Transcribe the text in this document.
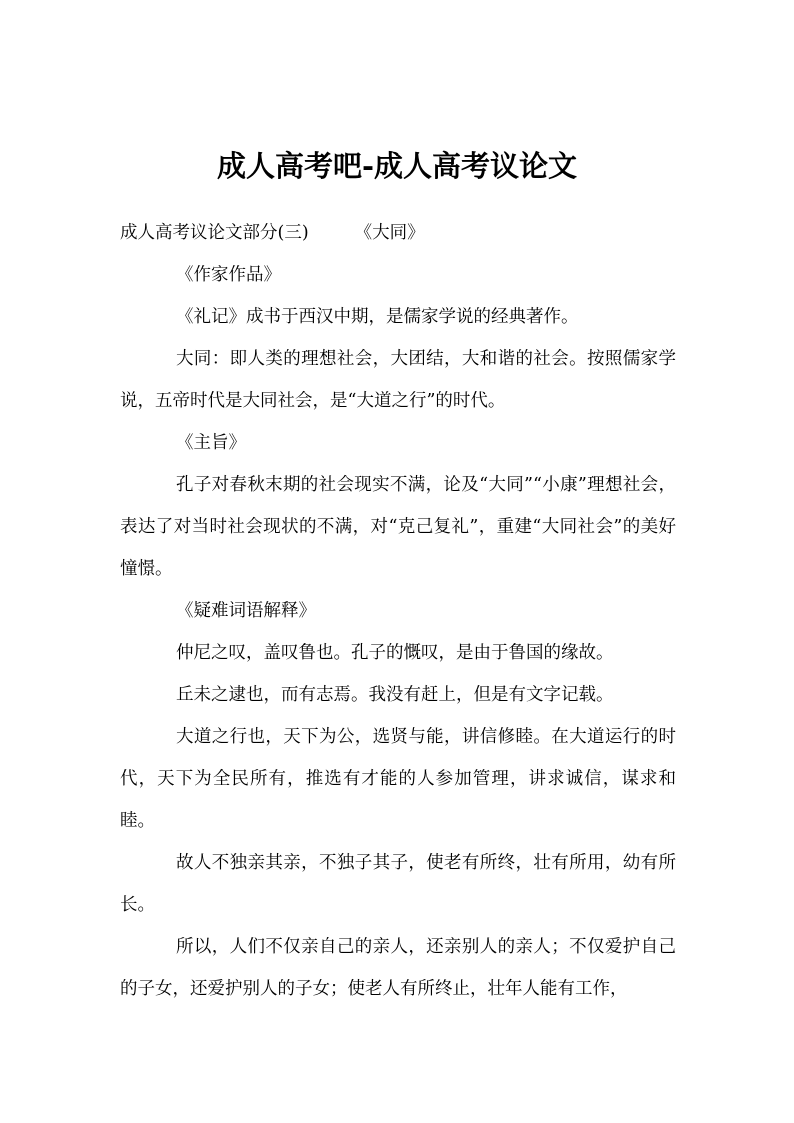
成人高考吧-成人高考议论文

成人高考议论文部分(三)	《大同》

《作家作品》

《礼记》成书于西汉中期，是儒家学说的经典著作。

大同：即人类的理想社会，大团结，大和谐的社会。按照儒家学说，五帝时代是大同社会，是“大道之行”的时代。

《主旨》

孔子对春秋末期的社会现实不满，论及“大同”“小康”理想社会，表达了对当时社会现状的不满，对“克己复礼”，重建“大同社会”的美好憧憬。

《疑难词语解释》

仲尼之叹，盖叹鲁也。孔子的慨叹，是由于鲁国的缘故。

丘未之逮也，而有志焉。我没有赶上，但是有文字记载。

大道之行也，天下为公，选贤与能，讲信修睦。在大道运行的时代，天下为全民所有，推选有才能的人参加管理，讲求诚信，谋求和睦。

故人不独亲其亲，不独子其子，使老有所终，壮有所用，幼有所长。

所以，人们不仅亲自己的亲人，还亲别人的亲人；不仅爱护自己的子女，还爱护别人的子女；使老人有所终止，壮年人能有工作，
